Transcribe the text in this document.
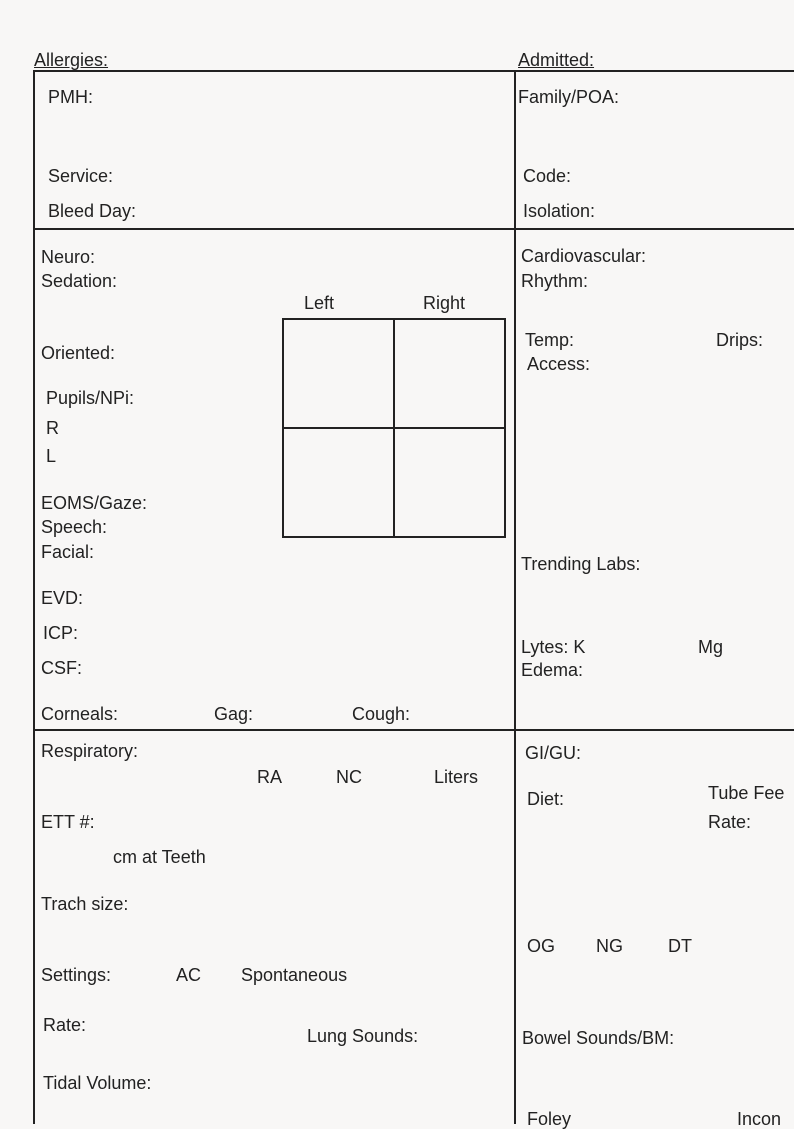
Allergies:	Admitted:
PMH:
Service:
Bleed Day:
Family/POA:
Code:
Isolation:
Neuro:
Sedation:
Left	Right
Oriented:
Pupils/NPi:
R
L
EOMS/Gaze:
Speech:
Facial:
EVD:
ICP:
CSF:
Corneals:	Gag:	Cough:
Cardiovascular:
Rhythm:
Temp:	Drips:
Access:
Trending Labs:
Lytes: K	Mg
Edema:
Respiratory:
RA	NC	Liters
ETT #:
cm at Teeth
Trach size:
Settings:	AC Spontaneous
Rate:
Lung Sounds:
Tidal Volume:
GI/GU:
Diet:	Tube Fee
Rate:
OG NG	DT
Bowel Sounds/BM:
Foley	Incon
